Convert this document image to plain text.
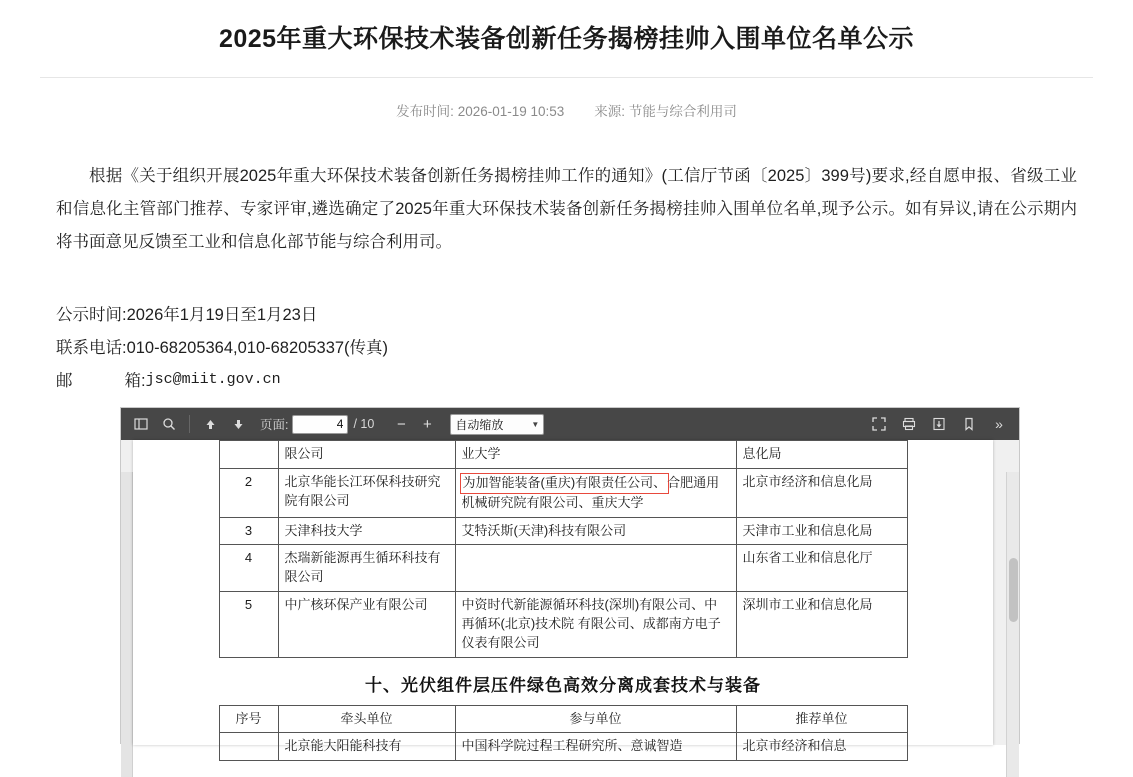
2025年重大环保技术装备创新任务揭榜挂帅入围单位名单公示
发布时间: 2026-01-19 10:53 来源: 节能与综合利用司
根据《关于组织开展2025年重大环保技术装备创新任务揭榜挂帅工作的通知》(工信厅节函〔2025〕399号)要求,经自愿申报、省级工业和信息化主管部门推荐、专家评审,遴选确定了2025年重大环保技术装备创新任务揭榜挂帅入围单位名单,现予公示。如有异议,请在公示期内将书面意见反馈至工业和信息化部节能与综合利用司。
公示时间:2026年1月19日至1月23日
联系电话:010-68205364,010-68205337(传真)
邮	箱: jsc@miit.gov.cn
页面:
4	/ 10	−	+	自动缩放	▼	»
	限公司	业大学	息化局
2	北京华能长江环保科技研究院有限公司	为加智能装备(重庆)有限责任公司、合肥通用机械研究院有限公司、重庆大学	北京市经济和信息化局
3	天津科技大学	艾特沃斯(天津)科技有限公司	天津市工业和信息化局
4	杰瑞新能源再生循环科技有限公司		山东省工业和信息化厅
5	中广核环保产业有限公司	中资时代新能源循环科技(深圳)有限公司、中再循环(北京)技术院 有限公司、成都南方电子仪表有限公司	深圳市工业和信息化局
十、光伏组件层压件绿色高效分离成套技术与装备
序号	牵头单位	参与单位	推荐单位
	北京能大阳能科技有	中国科学院过程工程研究所、意诚智造	北京市经济和信息
